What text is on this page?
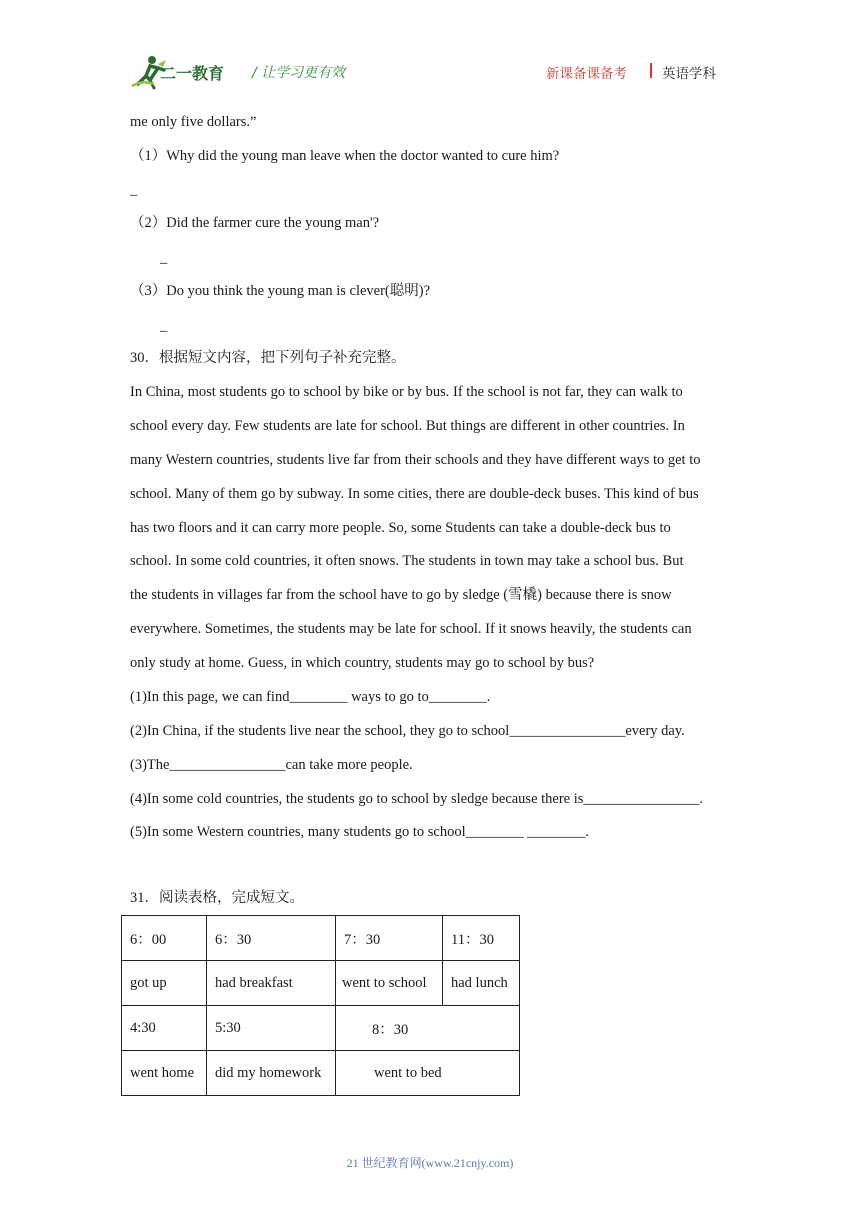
二一教育 / 让学习更有效	新课备课备考	英语学科
me only five dollars.”
（1）Why did the young man leave when the doctor wanted to cure him?
_
（2）Did the farmer cure the young man'?
_
（3）Do you think the young man is clever(聪明)?
_
30．根据短文内容，把下列句子补充完整。
In China, most students go to school by bike or by bus. If the school is not far, they can walk to
school every day. Few students are late for school. But things are different in other countries. In
many Western countries, students live far from their schools and they have different ways to get to
school. Many of them go by subway. In some cities, there are double-deck buses. This kind of bus
has two floors and it can carry more people. So, some Students can take a double-deck bus to
school. In some cold countries, it often snows. The students in town may take a school bus. But
the students in villages far from the school have to go by sledge (雪橇) because there is snow
everywhere. Sometimes, the students may be late for school. If it snows heavily, the students can
only study at home. Guess, in which country, students may go to school by bus?
(1)In this page, we can find________ ways to go to________.
(2)In China, if the students live near the school, they go to school________________every day.
(3)The________________can take more people.
(4)In some cold countries, the students go to school by sledge because there is________________.
(5)In some Western countries, many students go to school________ ________.
31．阅读表格，完成短文。
6：00	6：30	7：30	11：30
got up	had breakfast	went to school	had lunch
4:30	5:30	8：30	
went home	did my homework	went to bed	
21 世纪教育网(www.21cnjy.com)
